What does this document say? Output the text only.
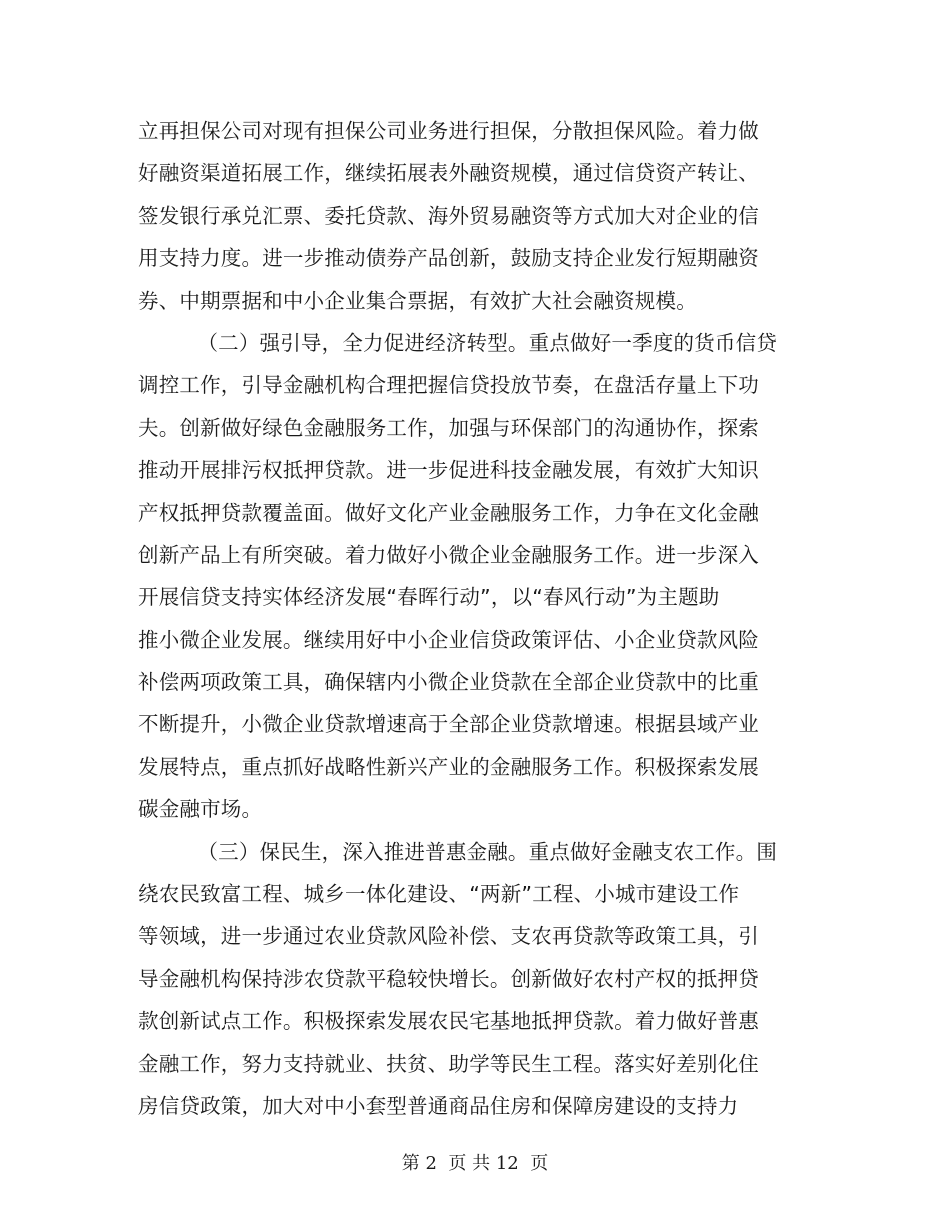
立再担保公司对现有担保公司业务进行担保，分散担保风险。着力做
好融资渠道拓展工作，继续拓展表外融资规模，通过信贷资产转让、
签发银行承兑汇票、委托贷款、海外贸易融资等方式加大对企业的信
用支持力度。进一步推动债券产品创新，鼓励支持企业发行短期融资
券、中期票据和中小企业集合票据，有效扩大社会融资规模。
（二）强引导，全力促进经济转型。重点做好一季度的货币信贷
调控工作，引导金融机构合理把握信贷投放节奏，在盘活存量上下功
夫。创新做好绿色金融服务工作，加强与环保部门的沟通协作，探索
推动开展排污权抵押贷款。进一步促进科技金融发展，有效扩大知识
产权抵押贷款覆盖面。做好文化产业金融服务工作，力争在文化金融
创新产品上有所突破。着力做好小微企业金融服务工作。进一步深入
开展信贷支持实体经济发展“春晖行动”，以“春风行动”为主题助
推小微企业发展。继续用好中小企业信贷政策评估、小企业贷款风险
补偿两项政策工具，确保辖内小微企业贷款在全部企业贷款中的比重
不断提升，小微企业贷款增速高于全部企业贷款增速。根据县域产业
发展特点，重点抓好战略性新兴产业的金融服务工作。积极探索发展
碳金融市场。
（三）保民生，深入推进普惠金融。重点做好金融支农工作。围
绕农民致富工程、城乡一体化建设、“两新”工程、小城市建设工作
等领域，进一步通过农业贷款风险补偿、支农再贷款等政策工具，引
导金融机构保持涉农贷款平稳较快增长。创新做好农村产权的抵押贷
款创新试点工作。积极探索发展农民宅基地抵押贷款。着力做好普惠
金融工作，努力支持就业、扶贫、助学等民生工程。落实好差别化住
房信贷政策，加大对中小套型普通商品住房和保障房建设的支持力
第 2  页 共 12  页
